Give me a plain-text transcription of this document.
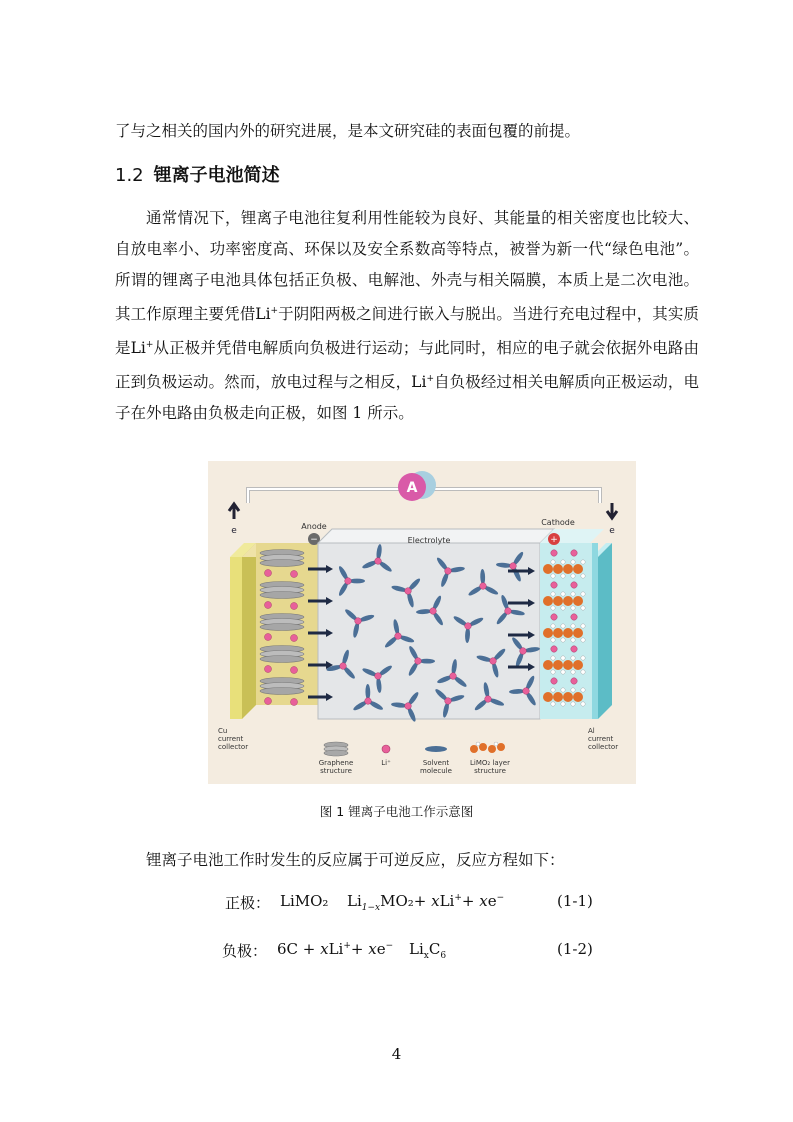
了与之相关的国内外的研究进展，是本文研究硅的表面包覆的前提。
1.2 锂离子电池简述
通常情况下，锂离子电池往复利用性能较为良好、其能量的相关密度也比较大、自放电率小、功率密度高、环保以及安全系数高等特点，被誉为新一代“绿色电池”。所谓的锂离子电池具体包括正负极、电解池、外壳与相关隔膜，本质上是二次电池。其工作原理主要凭借Li+于阴阳两极之间进行嵌入与脱出。当进行充电过程中，其实质是Li+从正极并凭借电解质向负极进行运动；与此同时，相应的电子就会依据外电路由正到负极运动。然而，放电过程与之相反，Li+自负极经过相关电解质向正极运动，电子在外电路由负极走向正极，如图 1 所示。
A
e	e
Anode
−	Electrolyte
Cathode
+
Cu
current
collector
Al
current
collector
Graphene
structure
Li⁺	Solvent
molecule
LiMO₂ layer
structure
图 1 锂离子电池工作示意图
锂离子电池工作时发生的反应属于可逆反应，反应方程如下：
正极： LiMO₂ $Li_{1-x}MO_2+ xLi^++ xe^-$	(1-1)
负极： 6C + xLi++ xe− $Li_xC_6$	(1-2)
4
